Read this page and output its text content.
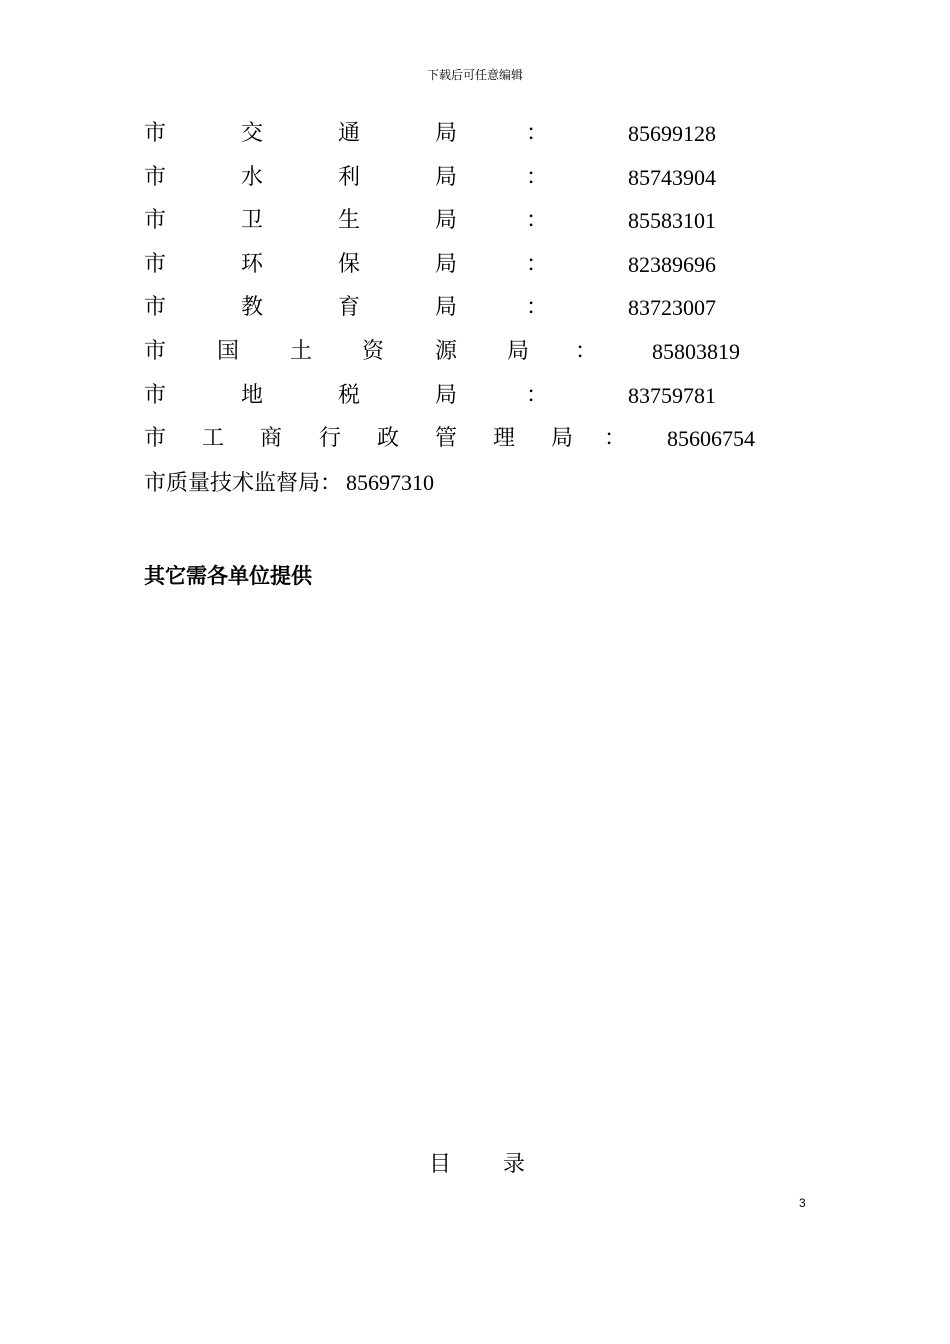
下载后可任意编辑
市	交	通	局	：	85699128
市	水	利	局	：	85743904
市	卫	生	局	：	85583101
市	环	保	局	：	82389696
市	教	育	局	：	83723007
市 国 土 资 源 局 ： 85803819
市	地	税	局	：	83759781
市 工 商 行 政 管 理 局 ： 85606754
市质量技术监督局： 85697310
其它需各单位提供
目 录
3
